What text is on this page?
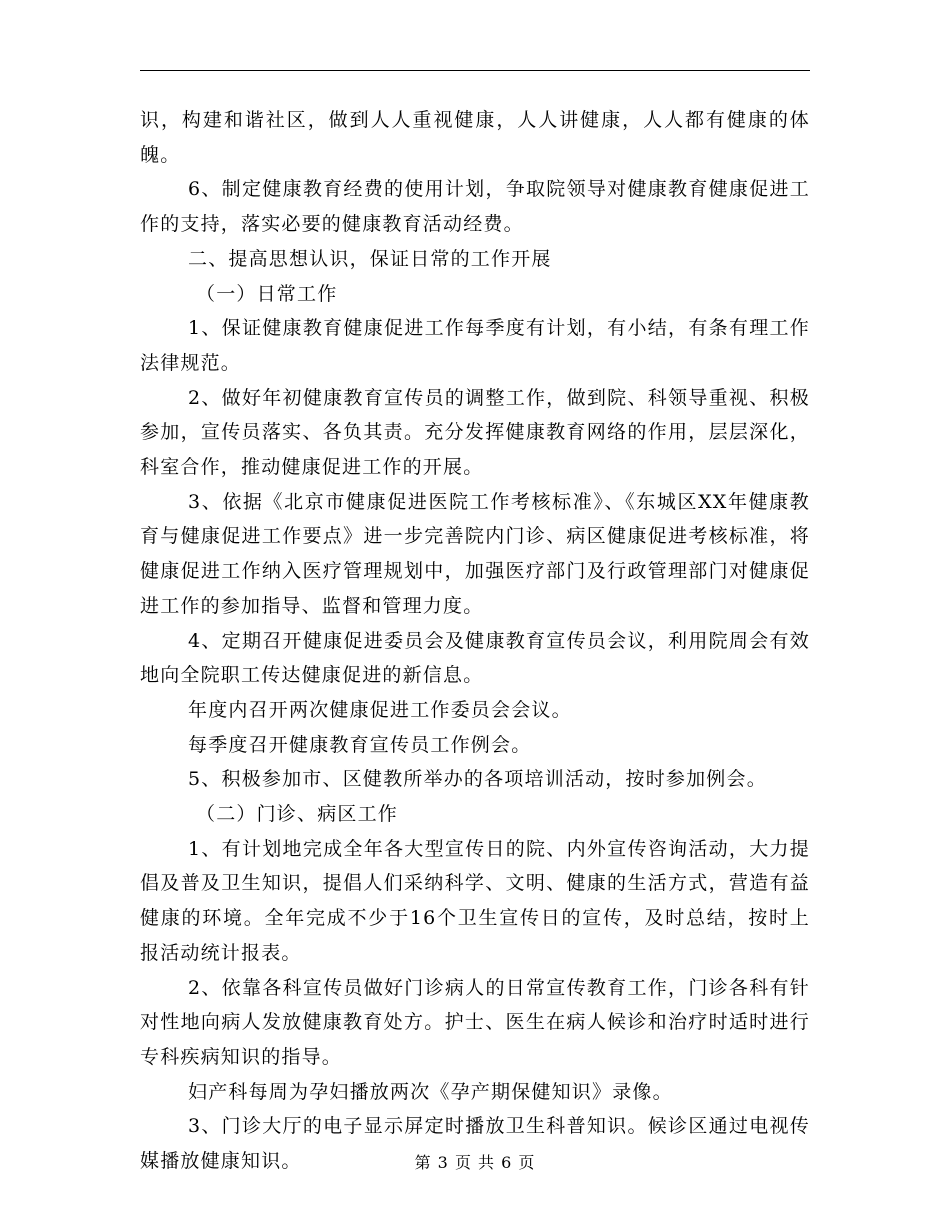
识，构建和谐社区，做到人人重视健康，人人讲健康，人人都有健康的体魄。

6、制定健康教育经费的使用计划，争取院领导对健康教育健康促进工作的支持，落实必要的健康教育活动经费。

二、提高思想认识，保证日常的工作开展

（一）日常工作

1、保证健康教育健康促进工作每季度有计划，有小结，有条有理工作法律规范。

2、做好年初健康教育宣传员的调整工作，做到院、科领导重视、积极参加，宣传员落实、各负其责。充分发挥健康教育网络的作用，层层深化，科室合作，推动健康促进工作的开展。

3、依据《北京市健康促进医院工作考核标准》、《东城区XX年健康教育与健康促进工作要点》进一步完善院内门诊、病区健康促进考核标准，将健康促进工作纳入医疗管理规划中，加强医疗部门及行政管理部门对健康促进工作的参加指导、监督和管理力度。

4、定期召开健康促进委员会及健康教育宣传员会议，利用院周会有效地向全院职工传达健康促进的新信息。

年度内召开两次健康促进工作委员会会议。

每季度召开健康教育宣传员工作例会。

5、积极参加市、区健教所举办的各项培训活动，按时参加例会。

（二）门诊、病区工作

1、有计划地完成全年各大型宣传日的院、内外宣传咨询活动，大力提倡及普及卫生知识，提倡人们采纳科学、文明、健康的生活方式，营造有益健康的环境。全年完成不少于16个卫生宣传日的宣传，及时总结，按时上报活动统计报表。

2、依靠各科宣传员做好门诊病人的日常宣传教育工作，门诊各科有针对性地向病人发放健康教育处方。护士、医生在病人候诊和治疗时适时进行专科疾病知识的指导。

妇产科每周为孕妇播放两次《孕产期保健知识》录像。

3、门诊大厅的电子显示屏定时播放卫生科普知识。候诊区通过电视传媒播放健康知识。	第 3 页 共 6 页
